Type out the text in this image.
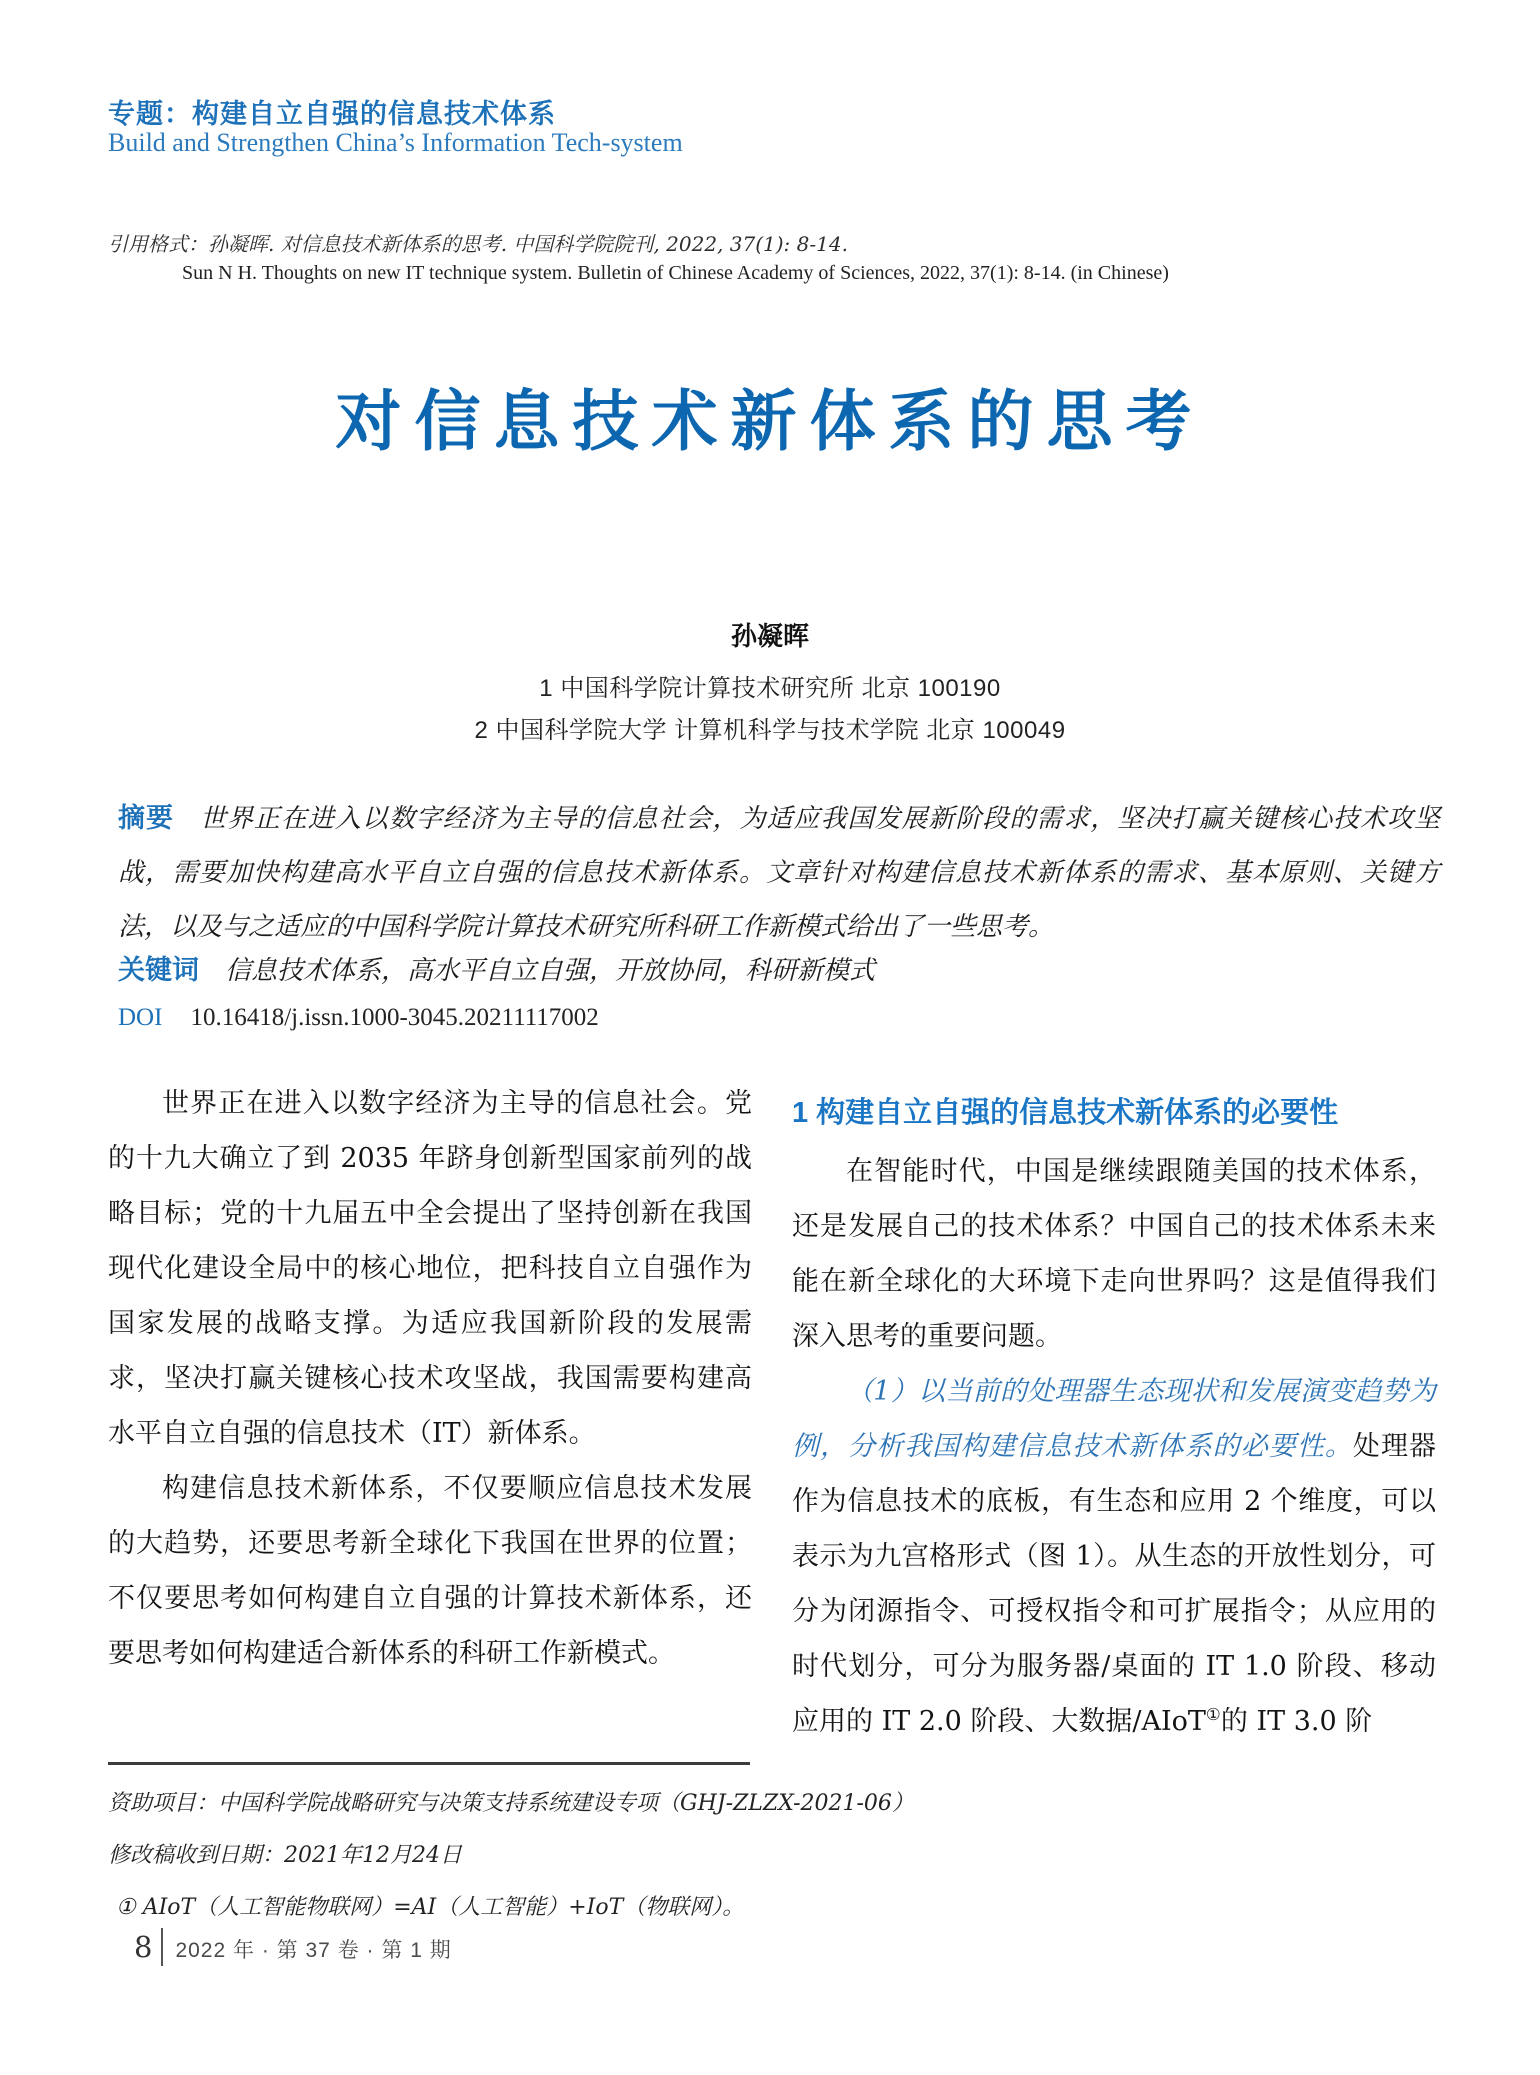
专题：构建自立自强的信息技术体系
Build and Strengthen China’s Information Tech-system
引用格式：孙凝晖. 对信息技术新体系的思考. 中国科学院院刊, 2022, 37(1): 8-14.
Sun N H. Thoughts on new IT technique system. Bulletin of Chinese Academy of Sciences, 2022, 37(1): 8-14. (in Chinese)
对信息技术新体系的思考
孙凝晖
1 中国科学院计算技术研究所 北京 100190
2 中国科学院大学 计算机科学与技术学院 北京 100049
摘要 世界正在进入以数字经济为主导的信息社会，为适应我国发展新阶段的需求，坚决打赢关键核心技术攻坚战，需要加快构建高水平自立自强的信息技术新体系。文章针对构建信息技术新体系的需求、基本原则、关键方法，以及与之适应的中国科学院计算技术研究所科研工作新模式给出了一些思考。
关键词 信息技术体系，高水平自立自强，开放协同，科研新模式
DOI 10.16418/j.issn.1000-3045.20211117002

世界正在进入以数字经济为主导的信息社会。党的十九大确立了到 2035 年跻身创新型国家前列的战略目标；党的十九届五中全会提出了坚持创新在我国现代化建设全局中的核心地位，把科技自立自强作为国家发展的战略支撑。为适应我国新阶段的发展需求，坚决打赢关键核心技术攻坚战，我国需要构建高水平自立自强的信息技术（IT）新体系。

构建信息技术新体系，不仅要顺应信息技术发展的大趋势，还要思考新全球化下我国在世界的位置；不仅要思考如何构建自立自强的计算技术新体系，还要思考如何构建适合新体系的科研工作新模式。

1 构建自立自强的信息技术新体系的必要性

在智能时代，中国是继续跟随美国的技术体系，还是发展自己的技术体系？中国自己的技术体系未来能在新全球化的大环境下走向世界吗？这是值得我们深入思考的重要问题。

（1）以当前的处理器生态现状和发展演变趋势为例，分析我国构建信息技术新体系的必要性。处理器作为信息技术的底板，有生态和应用 2 个维度，可以表示为九宫格形式（图 1）。从生态的开放性划分，可分为闭源指令、可授权指令和可扩展指令；从应用的时代划分，可分为服务器/桌面的 IT 1.0 阶段、移动应用的 IT 2.0 阶段、大数据/AIoT①的 IT 3.0 阶

资助项目：中国科学院战略研究与决策支持系统建设专项（GHJ-ZLZX-2021-06）
修改稿收到日期：2021年12月24日
① AIoT（人工智能物联网）=AI（人工智能）+IoT（物联网）。
8 2022 年 · 第 37 卷 · 第 1 期
